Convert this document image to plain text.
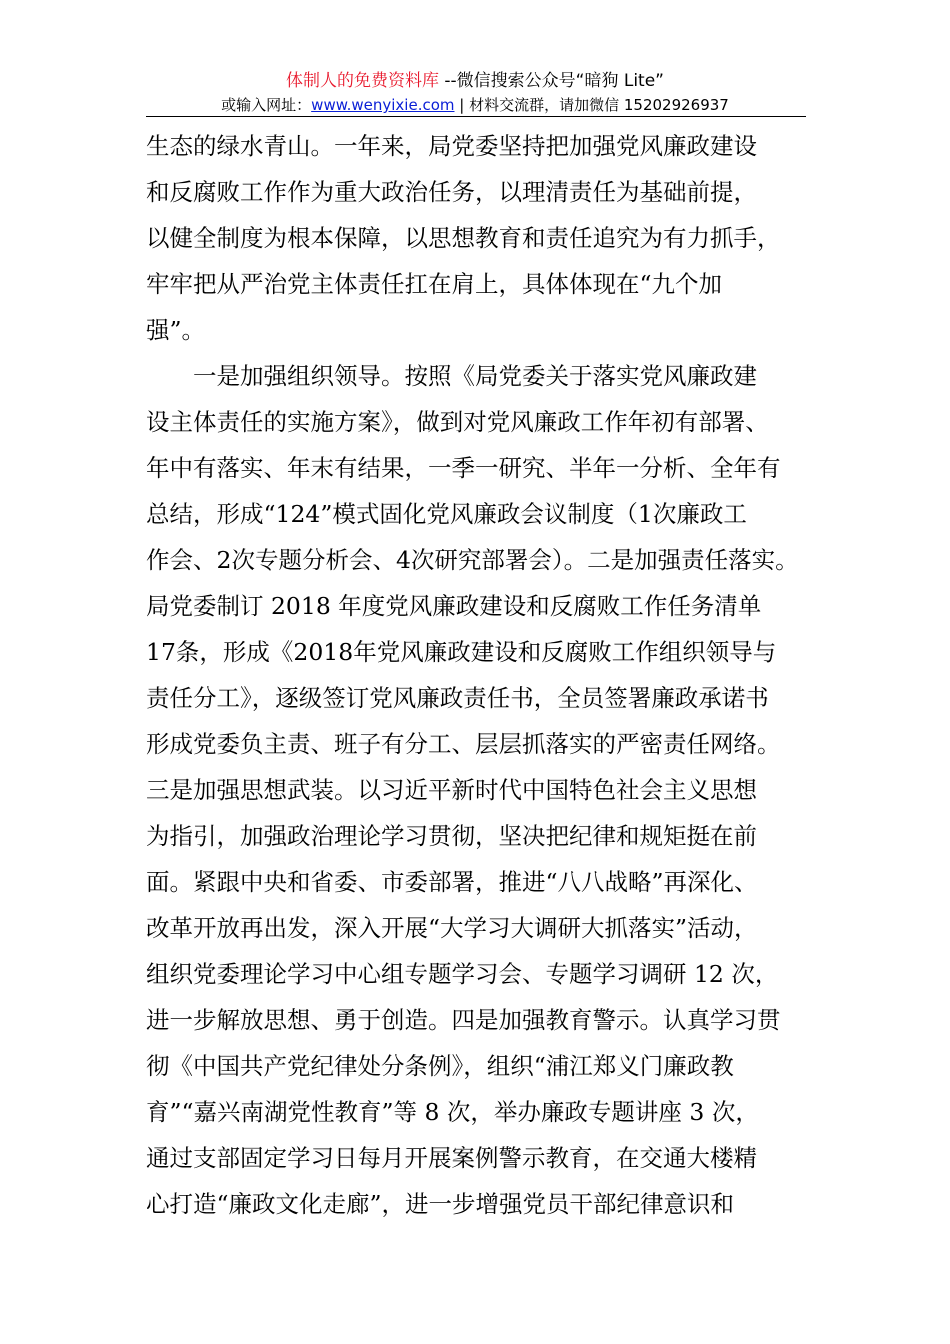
体制人的免费资料库 --微信搜索公众号“暗狗 Lite”
或输入网址：www.wenyixie.com | 材料交流群，请加微信 15202926937
生态的绿水青山。一年来，局党委坚持把加强党风廉政建设
和反腐败工作作为重大政治任务，以理清责任为基础前提，
以健全制度为根本保障，以思想教育和责任追究为有力抓手，
牢牢把从严治党主体责任扛在肩上，具体体现在“九个加
强”。
　　一是加强组织领导。按照《局党委关于落实党风廉政建
设主体责任的实施方案》，做到对党风廉政工作年初有部署、
年中有落实、年末有结果，一季一研究、半年一分析、全年有
总结，形成“124”模式固化党风廉政会议制度（1次廉政工
作会、2次专题分析会、4次研究部署会）。二是加强责任落实。
局党委制订 2018 年度党风廉政建设和反腐败工作任务清单
17条，形成《2018年党风廉政建设和反腐败工作组织领导与
责任分工》，逐级签订党风廉政责任书，全员签署廉政承诺书
形成党委负主责、班子有分工、层层抓落实的严密责任网络。
三是加强思想武装。以习近平新时代中国特色社会主义思想
为指引，加强政治理论学习贯彻，坚决把纪律和规矩挺在前
面。紧跟中央和省委、市委部署，推进“八八战略”再深化、
改革开放再出发，深入开展“大学习大调研大抓落实”活动，
组织党委理论学习中心组专题学习会、专题学习调研 12 次，
进一步解放思想、勇于创造。四是加强教育警示。认真学习贯
彻《中国共产党纪律处分条例》，组织“浦江郑义门廉政教
育”“嘉兴南湖党性教育”等 8 次，举办廉政专题讲座 3 次，
通过支部固定学习日每月开展案例警示教育，在交通大楼精
心打造“廉政文化走廊”，进一步增强党员干部纪律意识和
